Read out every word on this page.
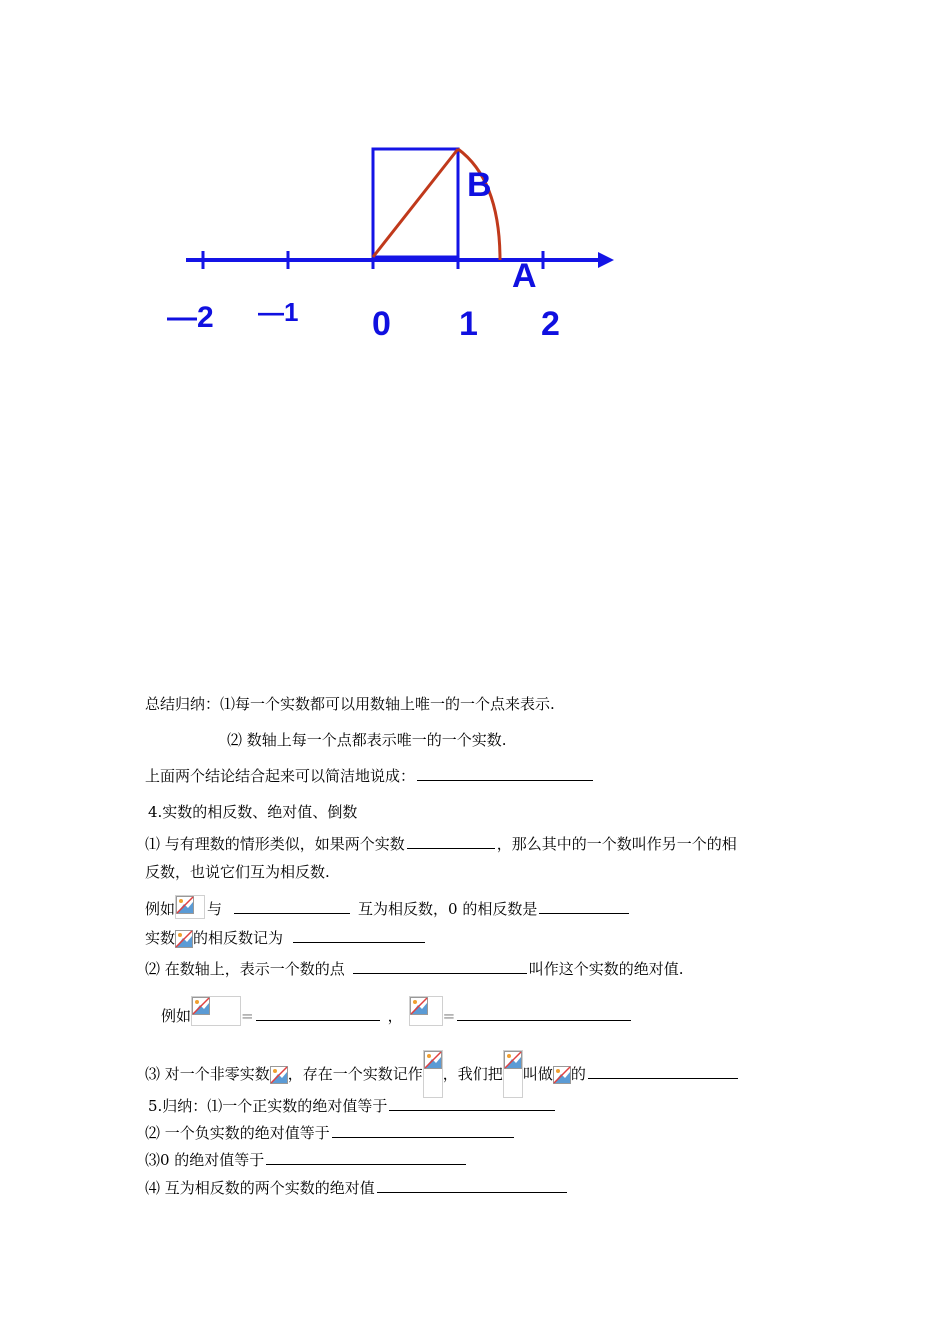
B
A
—2 —1 0 1 2
总结归纳：⑴每一个实数都可以用数轴上唯一的一个点来表示.
⑵ 数轴上每一个点都表示唯一的一个实数.
上面两个结论结合起来可以简洁地说成：
4.实数的相反数、绝对值、倒数
⑴ 与有理数的情形类似，如果两个实数	，那么其中的一个数叫作另一个的相
反数，也说它们互为相反数.
例如 与	互为相反数，0 的相反数是
实数 的相反数记为
⑵ 在数轴上，表示一个数的点	叫作这个实数的绝对值.
例如	=	，	=
⑶ 对一个非零实数 ，存在一个实数记作 ，我们把 叫做 的
5.归纳：⑴一个正实数的绝对值等于
⑵ 一个负实数的绝对值等于
⑶0 的绝对值等于
⑷ 互为相反数的两个实数的绝对值
